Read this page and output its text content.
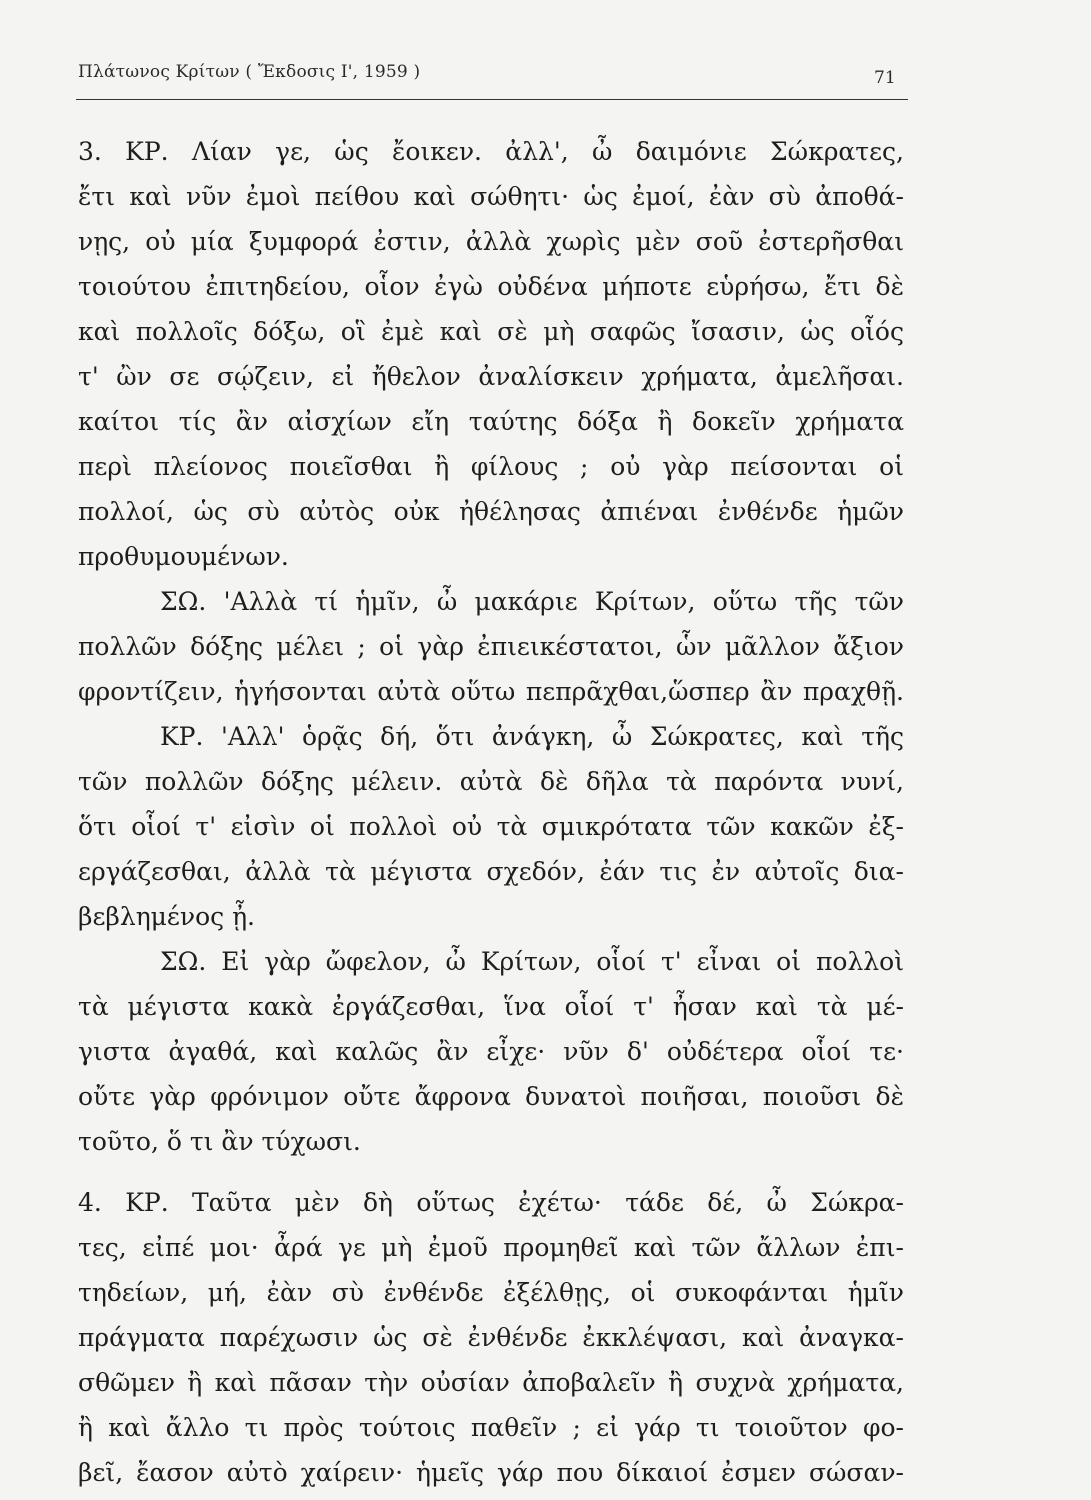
Πλάτωνος Κρίτων ( Ἔκδοσις Ι', 1959 )	71
3. ΚΡ. Λίαν γε, ὡς ἔοικεν. ἀλλ', ὦ δαιμόνιε Σώκρατες,
ἔτι καὶ νῦν ἐμοὶ πείθου καὶ σώθητι· ὡς ἐμοί, ἐὰν σὺ ἀποθά-
νῃς, οὐ μία ξυμφορά ἐστιν, ἀλλὰ χωρὶς μὲν σοῦ ἐστερῆσθαι
τοιούτου ἐπιτηδείου, οἷον ἐγὼ οὐδένα μήποτε εὑρήσω, ἔτι δὲ
καὶ πολλοῖς δόξω, οἳ ἐμὲ καὶ σὲ μὴ σαφῶς ἴσασιν, ὡς οἷός
τ' ὢν σε σῴζειν, εἰ ἤθελον ἀναλίσκειν χρήματα, ἀμελῆσαι.
καίτοι τίς ἂν αἰσχίων εἴη ταύτης δόξα ἢ δοκεῖν χρήματα
περὶ πλείονος ποιεῖσθαι ἢ φίλους ; οὐ γὰρ πείσονται οἱ
πολλοί, ὡς σὺ αὐτὸς οὐκ ἠθέλησας ἀπιέναι ἐνθένδε ἡμῶν
προθυμουμένων.
ΣΩ. 'Αλλὰ τί ἡμῖν, ὦ μακάριε Κρίτων, οὕτω τῆς τῶν
πολλῶν δόξης μέλει ; οἱ γὰρ ἐπιεικέστατοι, ὧν μᾶλλον ἄξιον
φροντίζειν, ἡγήσονται αὐτὰ οὕτω πεπρᾶχθαι,ὥσπερ ἂν πραχθῇ.
ΚΡ. 'Αλλ' ὁρᾷς δή, ὅτι ἀνάγκη, ὦ Σώκρατες, καὶ τῆς
τῶν πολλῶν δόξης μέλειν. αὐτὰ δὲ δῆλα τὰ παρόντα νυνί,
ὅτι οἷοί τ' εἰσὶν οἱ πολλοὶ οὐ τὰ σμικρότατα τῶν κακῶν ἐξ-
εργάζεσθαι, ἀλλὰ τὰ μέγιστα σχεδόν, ἐάν τις ἐν αὐτοῖς δια-
βεβλημένος ᾖ.
ΣΩ. Εἰ γὰρ ὤφελον, ὦ Κρίτων, οἷοί τ' εἶναι οἱ πολλοὶ
τὰ μέγιστα κακὰ ἐργάζεσθαι, ἵνα οἷοί τ' ἦσαν καὶ τὰ μέ-
γιστα ἀγαθά, καὶ καλῶς ἂν εἶχε· νῦν δ' οὐδέτερα οἷοί τε·
οὔτε γὰρ φρόνιμον οὔτε ἄφρονα δυνατοὶ ποιῆσαι, ποιοῦσι δὲ
τοῦτο, ὅ τι ἂν τύχωσι.
4. ΚΡ. Ταῦτα μὲν δὴ οὕτως ἐχέτω· τάδε δέ, ὦ Σώκρα-
τες, εἰπέ μοι· ἆρά γε μὴ ἐμοῦ προμηθεῖ καὶ τῶν ἄλλων ἐπι-
τηδείων, μή, ἐὰν σὺ ἐνθένδε ἐξέλθῃς, οἱ συκοφάνται ἡμῖν
πράγματα παρέχωσιν ὡς σὲ ἐνθένδε ἐκκλέψασι, καὶ ἀναγκα-
σθῶμεν ἢ καὶ πᾶσαν τὴν οὐσίαν ἀποβαλεῖν ἢ συχνὰ χρήματα,
ἢ καὶ ἄλλο τι πρὸς τούτοις παθεῖν ; εἰ γάρ τι τοιοῦτον φο-
βεῖ, ἔασον αὐτὸ χαίρειν· ἡμεῖς γάρ που δίκαιοί ἐσμεν σώσαν-
